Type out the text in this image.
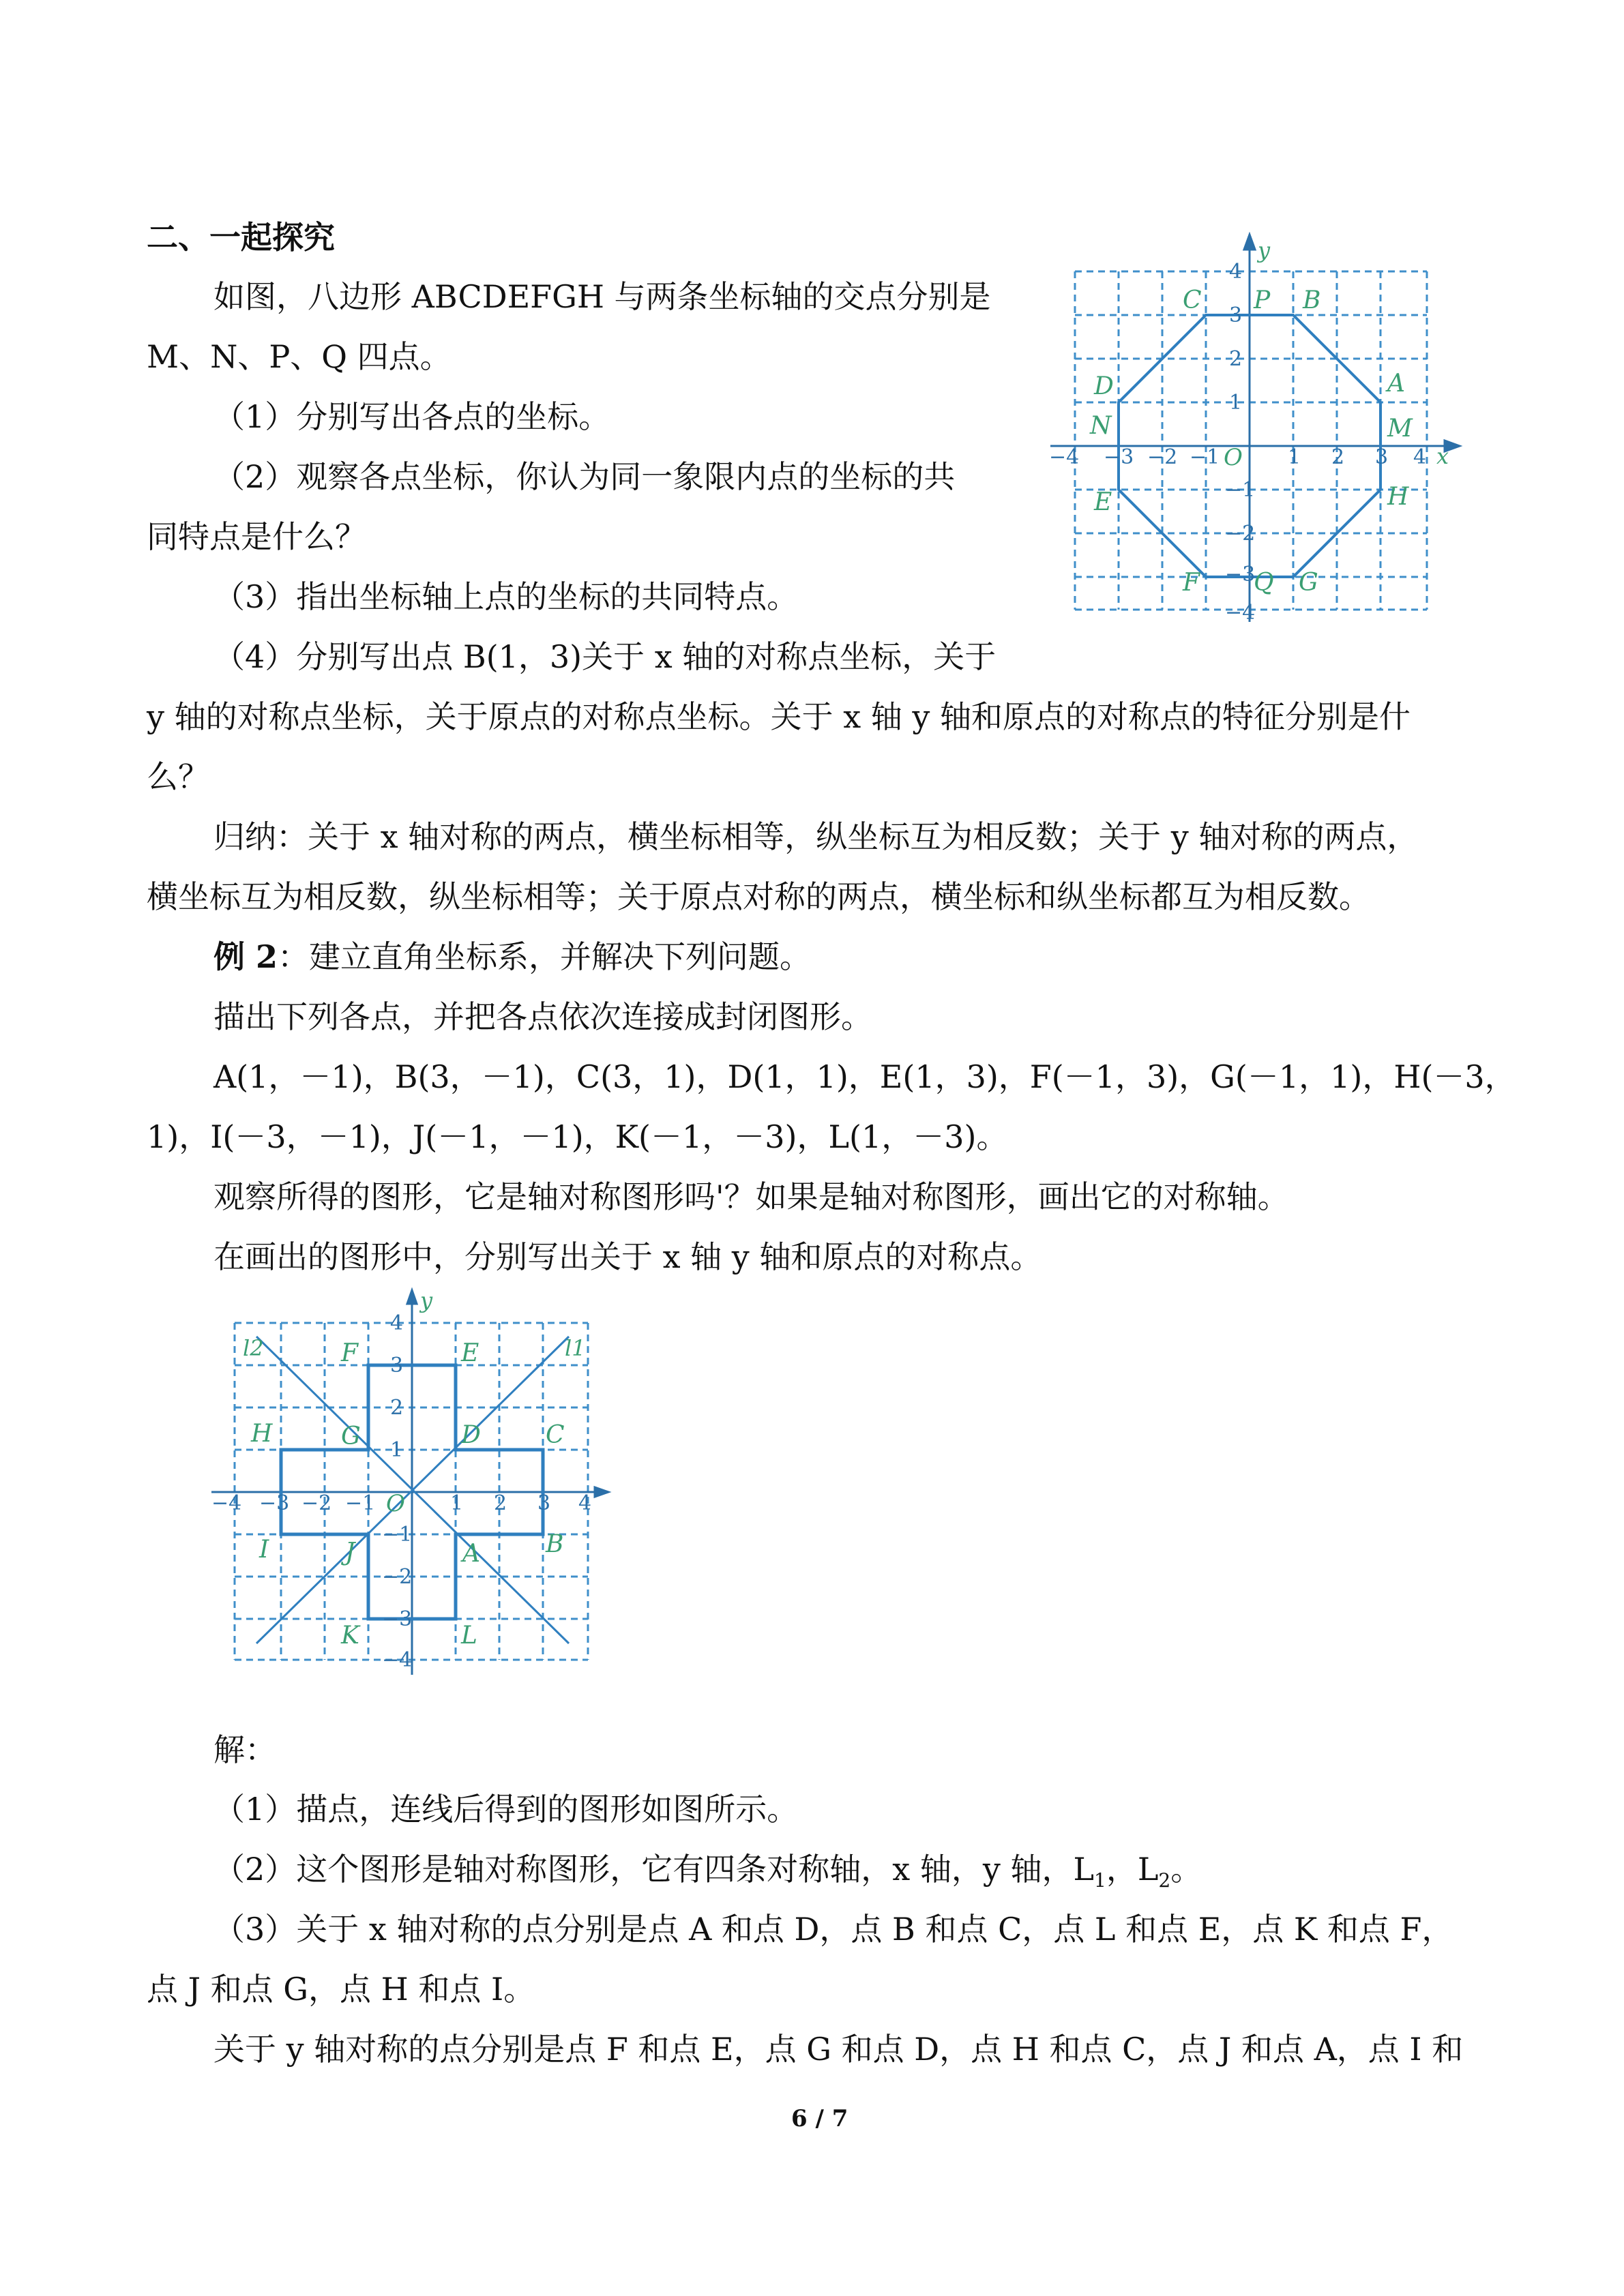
二、一起探究
如图，八边形 ABCDEFGH 与两条坐标轴的交点分别是
M、N、P、Q 四点。
（1）分别写出各点的坐标。
（2）观察各点坐标，你认为同一象限内点的坐标的共
同特点是什么？
（3）指出坐标轴上点的坐标的共同特点。
（4）分别写出点 B(1，3)关于 x 轴的对称点坐标，关于
y 轴的对称点坐标，关于原点的对称点坐标。关于 x 轴 y 轴和原点的对称点的特征分别是什
么？
归纳：关于 x 轴对称的两点，横坐标相等，纵坐标互为相反数；关于 y 轴对称的两点，
横坐标互为相反数，纵坐标相等；关于原点对称的两点，横坐标和纵坐标都互为相反数。
例 2：建立直角坐标系，并解决下列问题。
描出下列各点，并把各点依次连接成封闭图形。
A(1，－1)，B(3，－1)，C(3，1)，D(1，1)，E(1，3)，F(－1，3)，G(－1，1)，H(－3，
1)，I(－3，－1)，J(－1，－1)，K(－1，－3)，L(1，－3)。
观察所得的图形，它是轴对称图形吗'？如果是轴对称图形，画出它的对称轴。
在画出的图形中，分别写出关于 x 轴 y 轴和原点的对称点。
解：
（1）描点，连线后得到的图形如图所示。
（2）这个图形是轴对称图形，它有四条对称轴，x 轴，y 轴，$L_1$，$L_2$。
（3）关于 x 轴对称的点分别是点 A 和点 D，点 B 和点 C，点 L 和点 E，点 K 和点 F，
点 J 和点 G，点 H 和点 I。
关于 y 轴对称的点分别是点 F 和点 E，点 G 和点 D，点 H 和点 C，点 J 和点 A，点 I 和
6 / 7
−4 −3 −2 −1	1 2 3 4
4
3
2
1
−1
−2
−3
−4
y
x
O
A
B
C
D
E
F	G
H
M
N
P
Q
−4 −3 −2 −1	1 2 3 4
4
3
2
1
−1
−2
−3
−4
y
O
l2	l1
A	B
C
D
E
F
G
H
I	J
K	L
